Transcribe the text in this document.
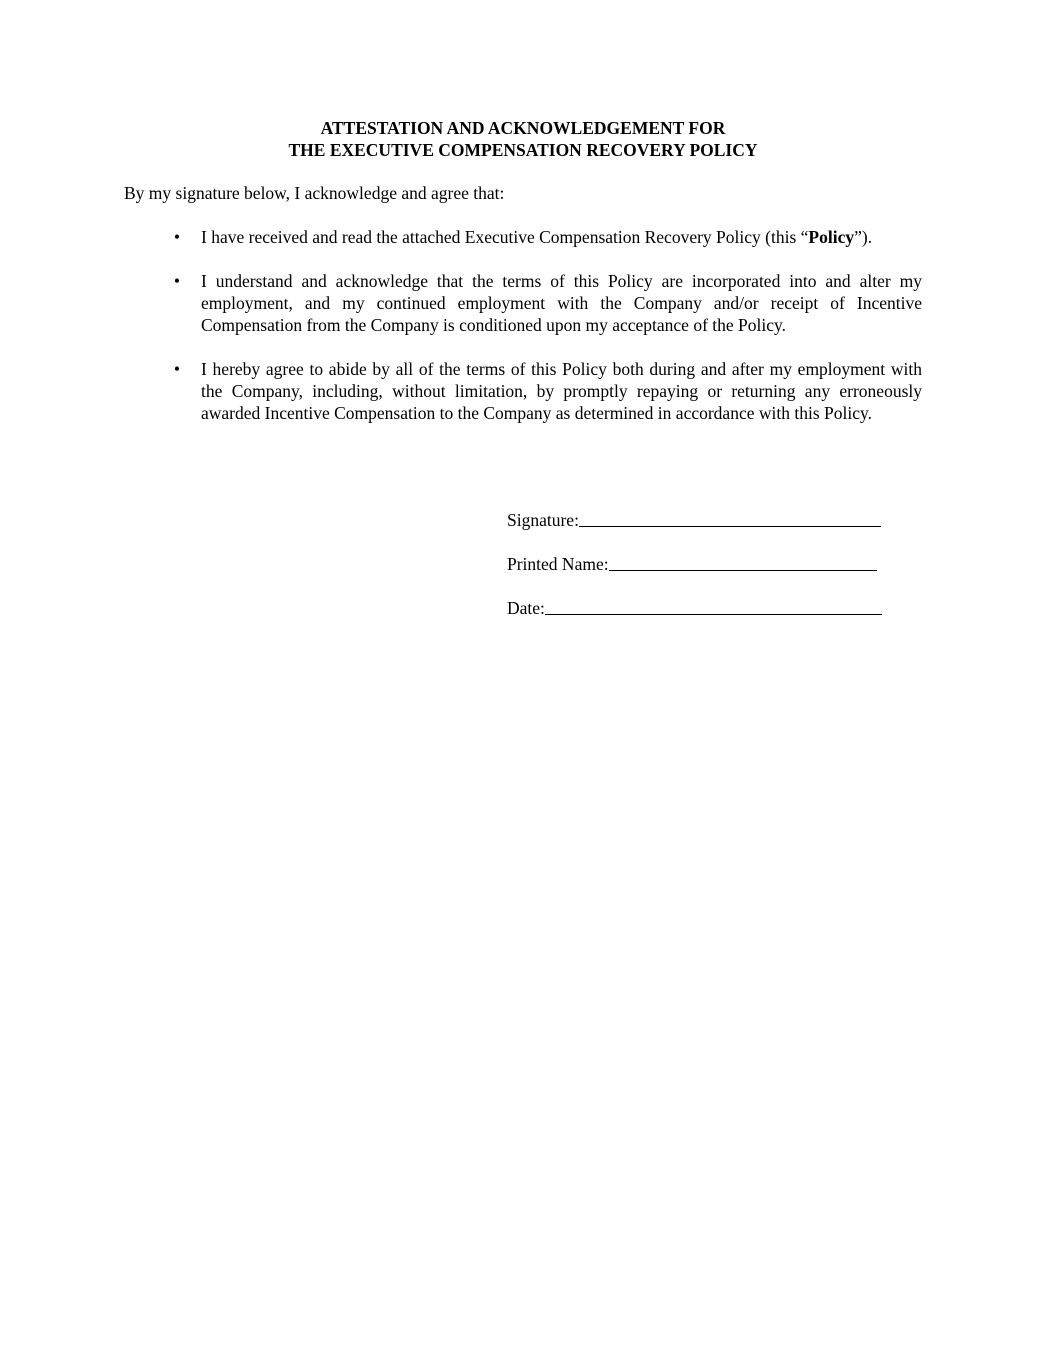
ATTESTATION AND ACKNOWLEDGEMENT FOR
THE EXECUTIVE COMPENSATION RECOVERY POLICY

By my signature below, I acknowledge and agree that:

• I have received and read the attached Executive Compensation Recovery Policy (this “Policy”).
• I understand and acknowledge that the terms of this Policy are incorporated into and alter my employment, and my continued employment with the Company and/or receipt of Incentive Compensation from the Company is conditioned upon my acceptance of the Policy.
• I hereby agree to abide by all of the terms of this Policy both during and after my employment with the Company, including, without limitation, by promptly repaying or returning any erroneously awarded Incentive Compensation to the Company as determined in accordance with this Policy.
Signature:
Printed Name:
Date:
